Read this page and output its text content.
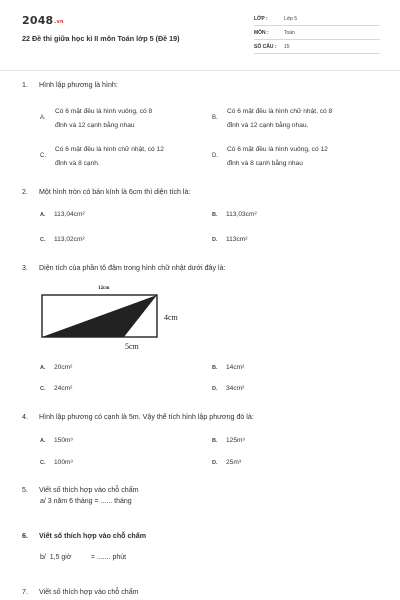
2048.vn
22 Đề thi giữa học kì II môn Toán lớp 5 (Đề 19)
LỚP :	Lớp 5
MÔN :	Toán
SỐ CÂU : 15
1. Hình lập phương là hình:
A.
Có 6 mặt đều là hình vuông, có 8
đỉnh và 12 cạnh bằng nhau
B.
Có 6 mặt đều là hình chữ nhật, có 8
đỉnh và 12 cạnh bằng nhau.
C.
Có 6 mặt đều là hình chữ nhật, có 12
đỉnh và 8 cạnh.
D.
Có 6 mặt đều là hình vuông, có 12
đỉnh và 8 cạnh bằng nhau
2. Một hình tròn có bán kính là 6cm thì diện tích là:
A. 113,04cm²	B. 113,03cm²
C. 113,02cm²	D. 113cm²
3. Diện tích của phần tô đậm trong hình chữ nhật dưới đây là:
12cm
4cm
5cm
A. 20cm²	B. 14cm²
C. 24cm²	D. 34cm²
4. Hình lập phương có cạnh là 5m. Vậy thể tích hình lập phương đó là:
A. 150m³	B. 125m³
C. 100m³	D. 25m³
5. Viết số thích hợp vào chỗ chấm
a/ 3 năm 6 tháng = ...... tháng
6. Viết số thích hợp vào chỗ chấm
b/  1,5 giờ          = ....... phút
7. Viết số thích hợp vào chỗ chấm
